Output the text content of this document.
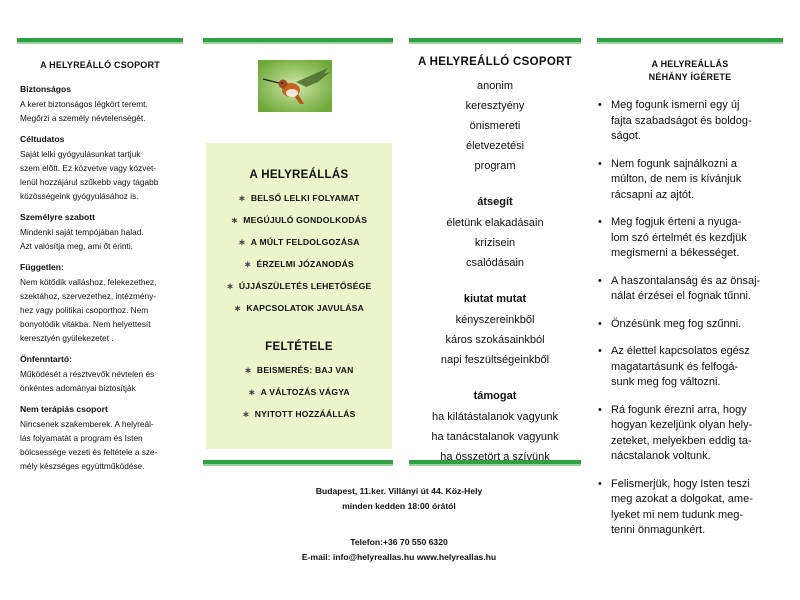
A HELYREÁLLÓ CSOPORT
Biztonságos
A keret biztonságos légkört teremt.
Megőrzi a személy névtelenségét.
Céltudatos
Saját lelki gyógyulásunkat tartjuk
szem előtt. Ez közvetve vagy közvet-
lenül hozzájárul szűkebb vagy tágabb
közösségeink gyógyulásához is.
Személyre szabott
Mindenki saját tempójában halad.
Azt valósítja meg, ami őt érinti.
Független:
Nem kötődik valláshoz, felekezethez,
szektához, szervezethez, intézmény-
hez vagy politikai csoporthoz. Nem
bonyolódik vitákba. Nem helyettesít
keresztyén gyülekezetet .
Önfenntartó:
Működését a résztvevők névtelen és
önkéntes adományai biztosítják
Nem terápiás csoport
Nincsenek szakemberek. A helyreál-
lás folyamatát a program és Isten
bölcsessége vezeti és feltétele a sze-
mély készséges együttműködése.
A HELYREÁLLÁS
∗ BELSŐ LELKI FOLYAMAT
∗ MEGÚJULÓ GONDOLKODÁS
∗ A MÚLT FELDOLGOZÁSA
∗ ÉRZELMI JÓZANODÁS
∗ ÚJJÁSZÜLETÉS LEHETŐSÉGE
∗ KAPCSOLATOK JAVULÁSA
FELTÉTELE
∗ BEISMERÉS: BAJ VAN
∗ A VÁLTOZÁS VÁGYA
∗ NYITOTT HOZZÁÁLLÁS
A HELYREÁLLÓ CSOPORT
anonim
keresztyény
önismereti
életvezetési
program
átsegít
életünk elakadásain
krízisein
csalódásain
kiutat mutat
kényszereinkből
káros szokásainkból
napi feszültségeinkből
támogat
ha kilátástalanok vagyunk
ha tanácstalanok vagyunk
ha összetört a szívünk
A HELYREÁLLÁS
NÉHÁNY ÍGÉRETE
• Meg fogunk ismerni egy új
fajta szabadságot és boldog-
ságot.
• Nem fogunk sajnálkozni a
múlton, de nem is kívánjuk
rácsapni az ajtót.
• Meg fogjuk érteni a nyuga-
lom szó értelmét és kezdjük
megismerni a békességet.
• A haszontalanság és az önsaj-
nálat érzései el fognak tűnni.
• Önzésünk meg fog szűnni.
• Az élettel kapcsolatos egész
magatartásunk és felfogá-
sunk meg fog változni.
• Rá fogunk érezni arra, hogy
hogyan kezeljünk olyan hely-
zeteket, melyekben eddig ta-
nácstalanok voltunk.
• Felismerjük, hogy Isten teszi
meg azokat a dolgokat, ame-
lyeket mi nem tudunk meg-
tenni önmagunkért.
Budapest, 11.ker. Villányi út 44. Köz-Hely
minden kedden 18:00 órától
Telefon:+36 70 550 6320
E-mail: info@helyreallas.hu www.helyreallas.hu
